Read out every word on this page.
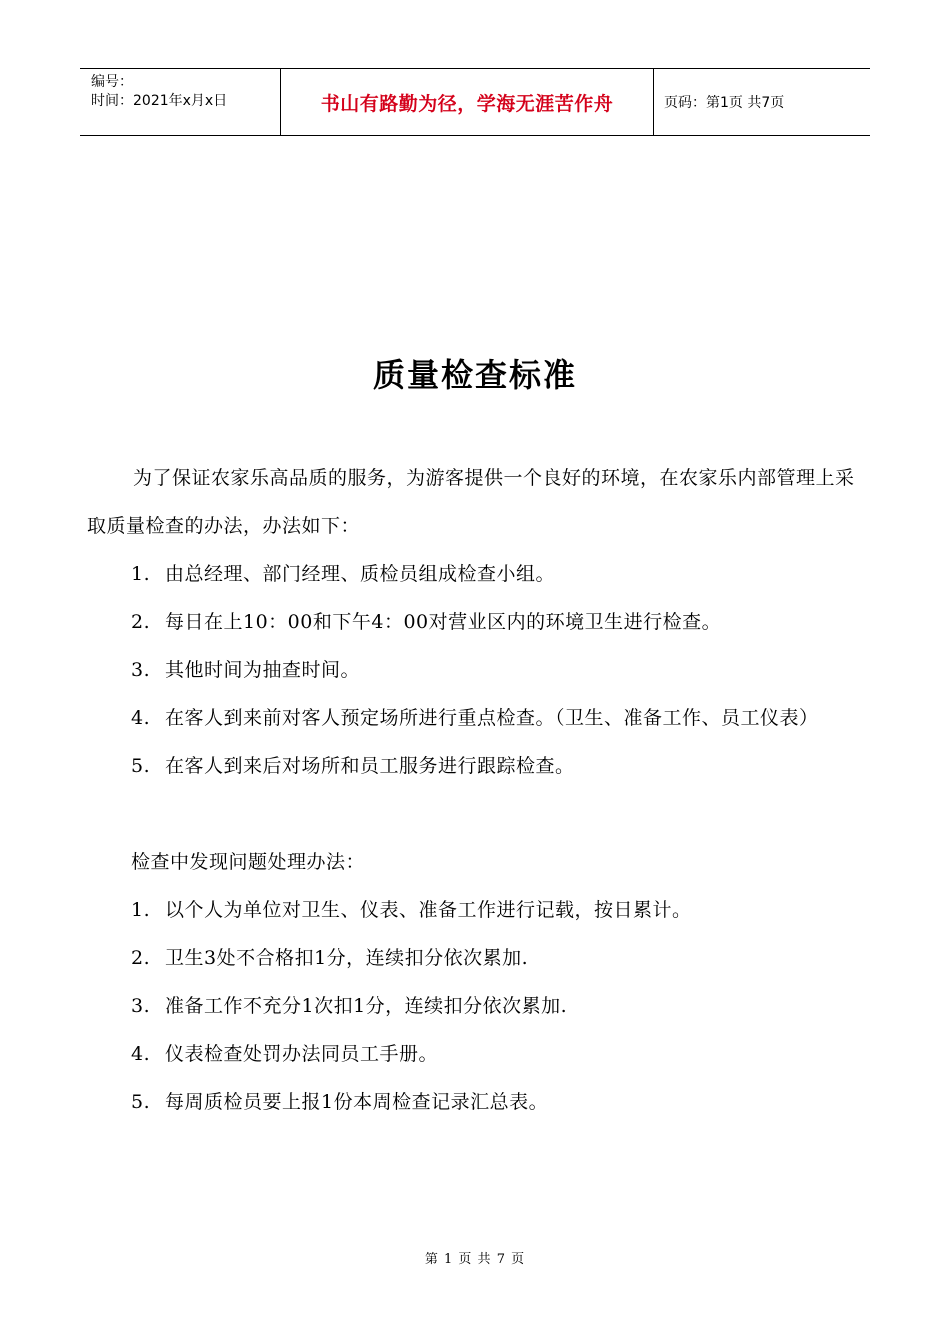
编号：
时间：2021年x月x日	书山有路勤为径，学海无涯苦作舟	页码：第1页 共7页
质量检查标准

为了保证农家乐高品质的服务，为游客提供一个良好的环境，在农家乐内部管理上采取质量检查的办法，办法如下：

1. 由总经理、部门经理、质检员组成检查小组。

2. 每日在上10：00和下午4：00对营业区内的环境卫生进行检查。

3. 其他时间为抽查时间。

4. 在客人到来前对客人预定场所进行重点检查。（卫生、准备工作、员工仪表）

5. 在客人到来后对场所和员工服务进行跟踪检查。

检查中发现问题处理办法：

1. 以个人为单位对卫生、仪表、准备工作进行记载，按日累计。

2. 卫生3处不合格扣1分，连续扣分依次累加.

3. 准备工作不充分1次扣1分，连续扣分依次累加.

4. 仪表检查处罚办法同员工手册。

5. 每周质检员要上报1份本周检查记录汇总表。

第 1 页 共 7 页
